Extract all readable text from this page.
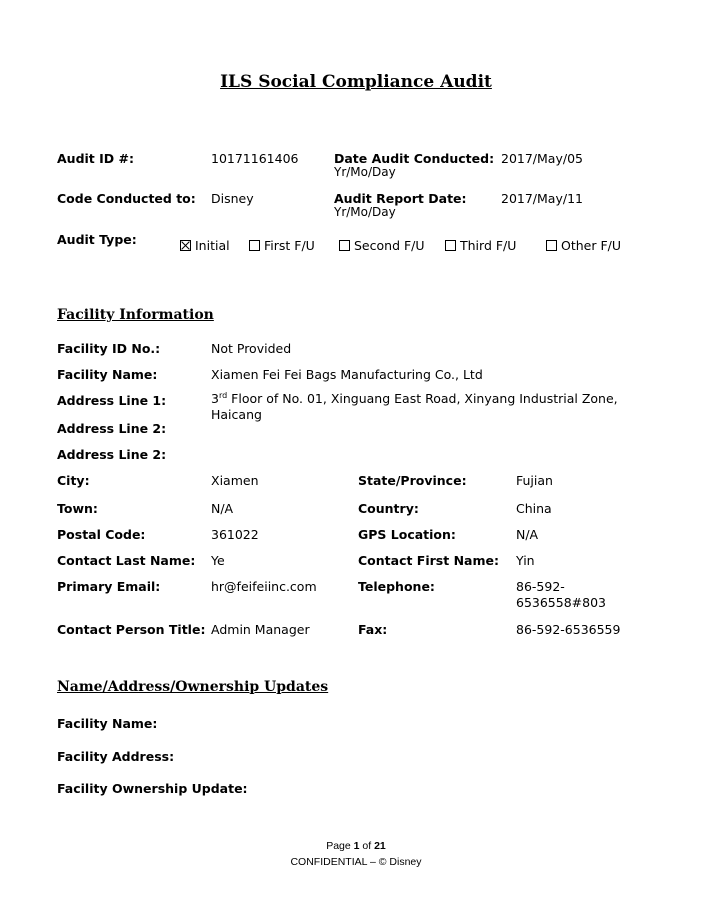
ILS Social Compliance Audit
Audit ID #:	10171161406	Date Audit Conducted:
Yr/Mo/Day
2017/May/05
Code Conducted to: Disney	Audit Report Date:
Yr/Mo/Day
2017/May/11
Audit Type:	Initial	First F/U	Second F/U	Third F/U	Other F/U
Facility Information
Facility ID No.:	Not Provided
Facility Name:	Xiamen Fei Fei Bags Manufacturing Co., Ltd
Address Line 1:	3rd Floor of No. 01, Xinguang East Road, Xinyang Industrial Zone,
Haicang
Address Line 2:
Address Line 2:
City:	Xiamen	State/Province:	Fujian
Town:	N/A	Country:	China
Postal Code:	361022	GPS Location:	N/A
Contact Last Name: Ye	Contact First Name: Yin
Primary Email:	hr@feifeiinc.com	Telephone:	86-592-
6536558#803
Contact Person Title: Admin Manager	Fax:	86-592-6536559
Name/Address/Ownership Updates
Facility Name:
Facility Address:
Facility Ownership Update:
Page 1 of 21
CONFIDENTIAL – © Disney
